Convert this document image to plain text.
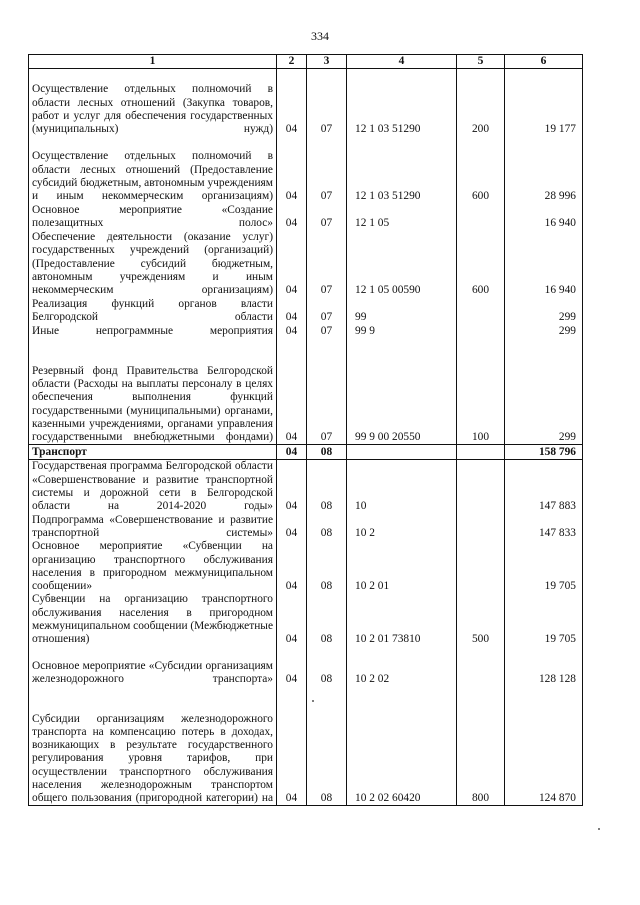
334
1	2	3	4	5	6
Осуществление отдельных полномочий в области лесных отношений (Закупка товаров, работ и услуг для обеспечения государственных (муниципальных) нужд)	04	07	12 1 03 51290	200	19 177
Осуществление отдельных полномочий в области лесных отношений (Предоставление субсидий бюджетным, автономным учреждениям и иным некоммерческим организациям)	04	07	12 1 03 51290	600	28 996
Основное мероприятие «Создание полезащитных полос»	04	07	12 1 05		16 940
Обеспечение деятельности (оказание услуг) государственных учреждений (организаций) (Предоставление субсидий бюджетным, автономным учреждениям и иным некоммерческим организациям)	04	07	12 1 05 00590	600	16 940
Реализация функций органов власти Белгородской области	04	07	99		299
Иные непрограммные мероприятия	04	07	99 9		299
Резервный фонд Правительства Белгородской области (Расходы на выплаты персоналу в целях обеспечения выполнения функций государственными (муниципальными) органами, казенными учреждениями, органами управления государственными внебюджетными фондами)	04	07	99 9 00 20550	100	299
Транспорт	04	08			158 796
Государственая программа Белгородской области «Совершенствование и развитие транспортной системы и дорожной сети в Белгородской области на 2014-2020 годы»	04	08	10		147 883
Подпрограмма «Совершенствование и развитие транспортной системы»	04	08	10 2		147 833
Основное мероприятие «Субвенции на организацию транспортного обслуживания населения в пригородном межмуниципальном сообщении»	04	08	10 2 01		19 705
Субвенции на организацию транспортного обслуживания населения в пригородном межмуниципальном сообщении (Межбюджетные отношения)	04	08	10 2 01 73810	500	19 705
Основное мероприятие «Субсидии организациям железнодорожного транспорта»	04	08	10 2 02		128 128
Субсидии организациям железнодорожного транспорта на компенсацию потерь в доходах, возникающих в результате государственного регулирования уровня тарифов, при осуществлении транспортного обслуживания населения железнодорожным транспортом общего пользования (пригородной категории) на	04	08	10 2 02 60420	800	124 870
